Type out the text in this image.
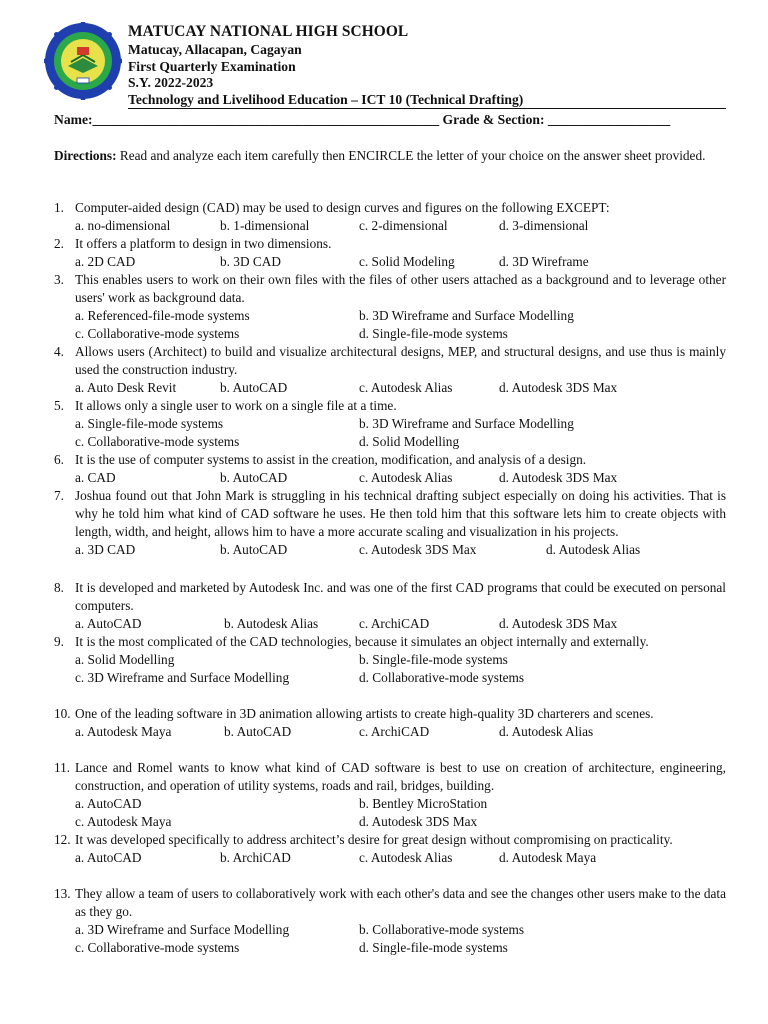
MATUCAY NATIONAL HIGH SCHOOL
Matucay, Allacapan, Cagayan
First Quarterly Examination
S.Y. 2022-2023
Technology and Livelihood Education – ICT 10 (Technical Drafting)
Name:___________________________________________________ Grade & Section: __________________
Directions: Read and analyze each item carefully then ENCIRCLE the letter of your choice on the answer sheet provided.
1. Computer-aided design (CAD) may be used to design curves and figures on the following EXCEPT:
a. no-dimensional	b. 1-dimensional	c. 2-dimensional	d. 3-dimensional
2. It offers a platform to design in two dimensions.
a. 2D CAD	b. 3D CAD	c. Solid Modeling	d. 3D Wireframe
3. This enables users to work on their own files with the files of other users attached as a background and to leverage other users' work as background data.
a. Referenced-file-mode systems	b. 3D Wireframe and Surface Modelling
c. Collaborative-mode systems	d. Single-file-mode systems
4. Allows users (Architect) to build and visualize architectural designs, MEP, and structural designs, and use thus is mainly used the construction industry.
a. Auto Desk Revit	b. AutoCAD	c. Autodesk Alias	d. Autodesk 3DS Max
5. It allows only a single user to work on a single file at a time.
a. Single-file-mode systems	b. 3D Wireframe and Surface Modelling
c. Collaborative-mode systems	d. Solid Modelling
6. It is the use of computer systems to assist in the creation, modification, and analysis of a design.
a. CAD	b. AutoCAD	c. Autodesk Alias	d. Autodesk 3DS Max
7. Joshua found out that John Mark is struggling in his technical drafting subject especially on doing his activities. That is why he told him what kind of CAD software he uses. He then told him that this software lets him to create objects with length, width, and height, allows him to have a more accurate scaling and visualization in his projects.
a. 3D CAD	b. AutoCAD	c. Autodesk 3DS Max	d. Autodesk Alias
8. It is developed and marketed by Autodesk Inc. and was one of the first CAD programs that could be executed on personal computers.
a. AutoCAD	b. Autodesk Alias	c. ArchiCAD	d. Autodesk 3DS Max
9. It is the most complicated of the CAD technologies, because it simulates an object internally and externally.
a. Solid Modelling	b. Single-file-mode systems
c. 3D Wireframe and Surface Modelling	d. Collaborative-mode systems
10. One of the leading software in 3D animation allowing artists to create high-quality 3D charterers and scenes.
a. Autodesk Maya	b. AutoCAD	c. ArchiCAD	d. Autodesk Alias
11. Lance and Romel wants to know what kind of CAD software is best to use on creation of architecture, engineering, construction, and operation of utility systems, roads and rail, bridges, building.
a. AutoCAD	b. Bentley MicroStation
c. Autodesk Maya	d. Autodesk 3DS Max
12. It was developed specifically to address architect’s desire for great design without compromising on practicality.
a. AutoCAD	b. ArchiCAD	c. Autodesk Alias	d. Autodesk Maya
13. They allow a team of users to collaboratively work with each other's data and see the changes other users make to the data as they go.
a. 3D Wireframe and Surface Modelling	b. Collaborative-mode systems
c. Collaborative-mode systems	d. Single-file-mode systems
